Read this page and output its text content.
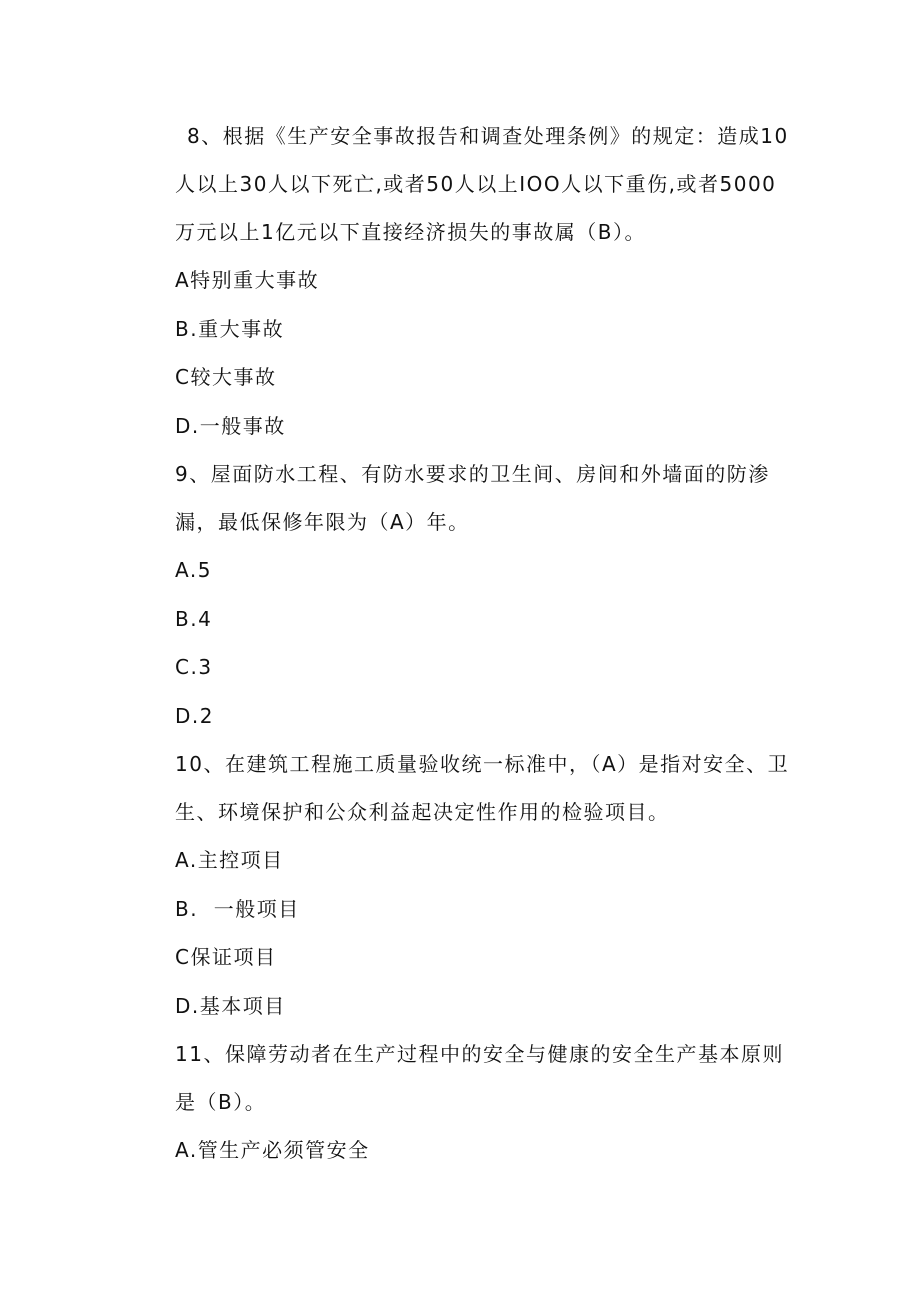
8、根据《生产安全事故报告和调查处理条例》的规定：造成10
人以上30人以下死亡,或者50人以上IOO人以下重伤,或者5000
万元以上1亿元以下直接经济损失的事故属（B）。
A特别重大事故
B.重大事故
C较大事故
D.一般事故
9、屋面防水工程、有防水要求的卫生间、房间和外墙面的防渗
漏，最低保修年限为（A）年。
A.5
B.4
C.3
D.2
10、在建筑工程施工质量验收统一标准中，（A）是指对安全、卫
生、环境保护和公众利益起决定性作用的检验项目。
A.主控项目
B.  一般项目
C保证项目
D.基本项目
11、保障劳动者在生产过程中的安全与健康的安全生产基本原则
是（B）。
A.管生产必须管安全
